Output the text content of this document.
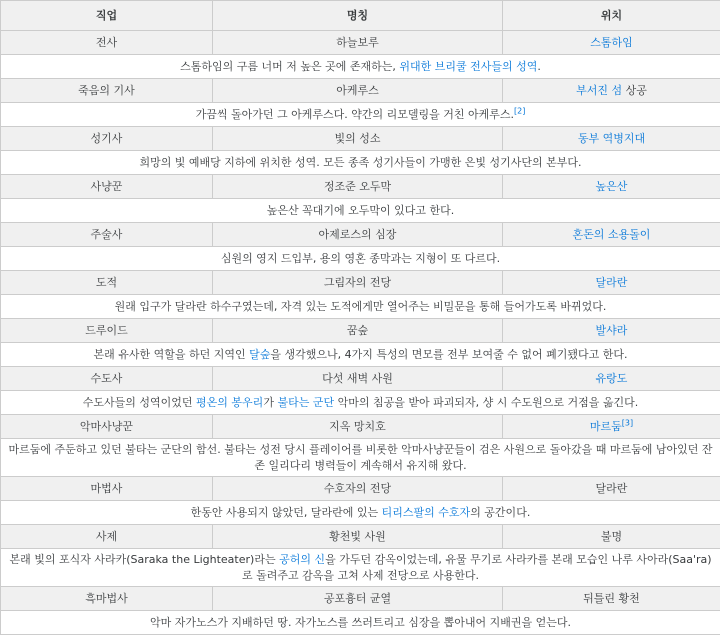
직업	명칭	위치
전사	하늘보루	스톰하임
스톰하임의 구름 너머 저 높은 곳에 존재하는, 위대한 브리쿨 전사들의 성역.		
죽음의 기사	아케루스	부서진 섬 상공
가끔씩 돌아가던 그 아케루스다. 약간의 리모델링을 거친 아케루스.[2]
성기사	빛의 성소	동부 역병지대
희망의 빛 예배당 지하에 위치한 성역. 모든 종족 성기사들이 가맹한 은빛 성기사단의 본부다.		
사냥꾼	정조준 오두막	높은산
높은산 꼭대기에 오두막이 있다고 한다.		
주술사	아제로스의 심장	혼돈의 소용돌이
심원의 영지 드입부, 용의 영혼 종막과는 지형이 또 다르다.		
도적	그림자의 전당	달라란
원래 입구가 달라란 하수구였는데, 자격 있는 도적에게만 열어주는 비밀문을 통해 들어가도록 바뀌었다.		
드루이드	꿈숲	발샤라
본래 유사한 역할을 하던 지역인 달숲을 생각했으나, 4가지 특성의 면모를 전부 보여줄 수 없어 폐기됐다고 한다.		
수도사	다섯 새벽 사원	유랑도
수도사들의 성역이었던 평온의 봉우리가 불타는 군단 악마의 침공을 받아 파괴되자, 샹 시 수도원으로 거점을 옮긴다.		
악마사냥꾼	지옥 망치호	마르둠[3]
마르둠에 주둔하고 있던 불타는 군단의 함선. 불타는 성전 당시 플레이어를 비롯한 악마사냥꾼들이 검은 사원으로 돌아갔을 때 마르둠에 남아있던 잔존 일리다리 병력들이 계속해서 유지해 왔다.		
마법사	수호자의 전당	달라란
한동안 사용되지 않았던, 달라란에 있는 티리스팔의 수호자의 공간이다.		
사제	황천빛 사원	불명
본래 빛의 포식자 사라카(Saraka the Lighteater)라는 공허의 신을 가두던 감옥이었는데, 유물 무기로 사라카를 본래 모습인 나루 사아라(Saa'ra)로 돌려주고 감옥을 고쳐 사제 전당으로 사용한다.		
흑마법사	공포흉터 균열	뒤틀린 황천
악마 자가노스가 지배하던 땅. 자가노스를 쓰러트리고 심장을 뽑아내어 지배권을 얻는다.		
